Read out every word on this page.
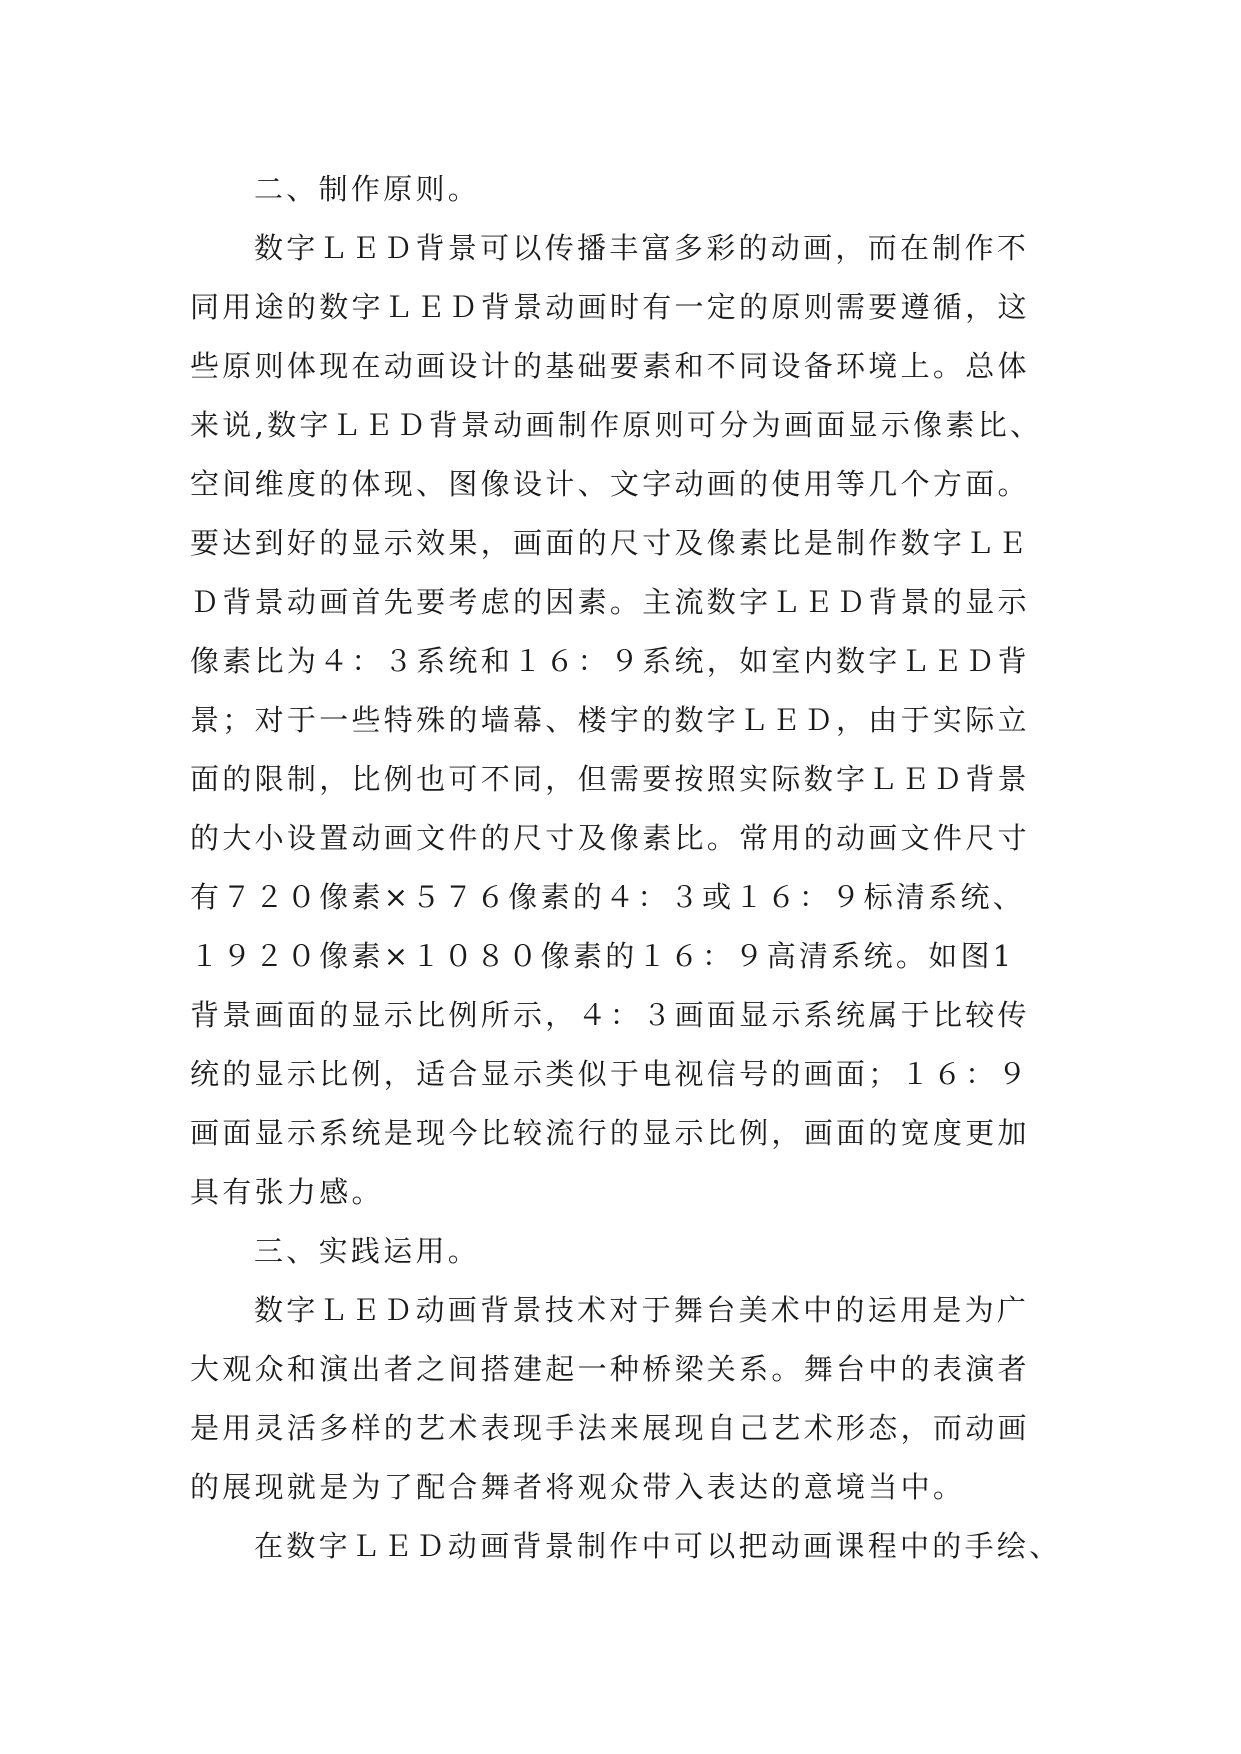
二、制作原则。
数字ＬＥＤ背景可以传播丰富多彩的动画，而在制作不
同用途的数字ＬＥＤ背景动画时有一定的原则需要遵循，这
些原则体现在动画设计的基础要素和不同设备环境上。总体
来说,数字ＬＥＤ背景动画制作原则可分为画面显示像素比、
空间维度的体现、图像设计、文字动画的使用等几个方面。
要达到好的显示效果，画面的尺寸及像素比是制作数字ＬＥ
Ｄ背景动画首先要考虑的因素。主流数字ＬＥＤ背景的显示
像素比为４：３系统和１６：９系统，如室内数字ＬＥＤ背
景；对于一些特殊的墙幕、楼宇的数字ＬＥＤ，由于实际立
面的限制，比例也可不同，但需要按照实际数字ＬＥＤ背景
的大小设置动画文件的尺寸及像素比。常用的动画文件尺寸
有７２０像素×５７６像素的４：３或１６：９标清系统、
１９２０像素×１０８０像素的１６：９高清系统。如图1
背景画面的显示比例所示，４：３画面显示系统属于比较传
统的显示比例，适合显示类似于电视信号的画面；１６：９
画面显示系统是现今比较流行的显示比例，画面的宽度更加
具有张力感。
三、实践运用。
数字ＬＥＤ动画背景技术对于舞台美术中的运用是为广
大观众和演出者之间搭建起一种桥梁关系。舞台中的表演者
是用灵活多样的艺术表现手法来展现自己艺术形态，而动画
的展现就是为了配合舞者将观众带入表达的意境当中。
在数字ＬＥＤ动画背景制作中可以把动画课程中的手绘、
